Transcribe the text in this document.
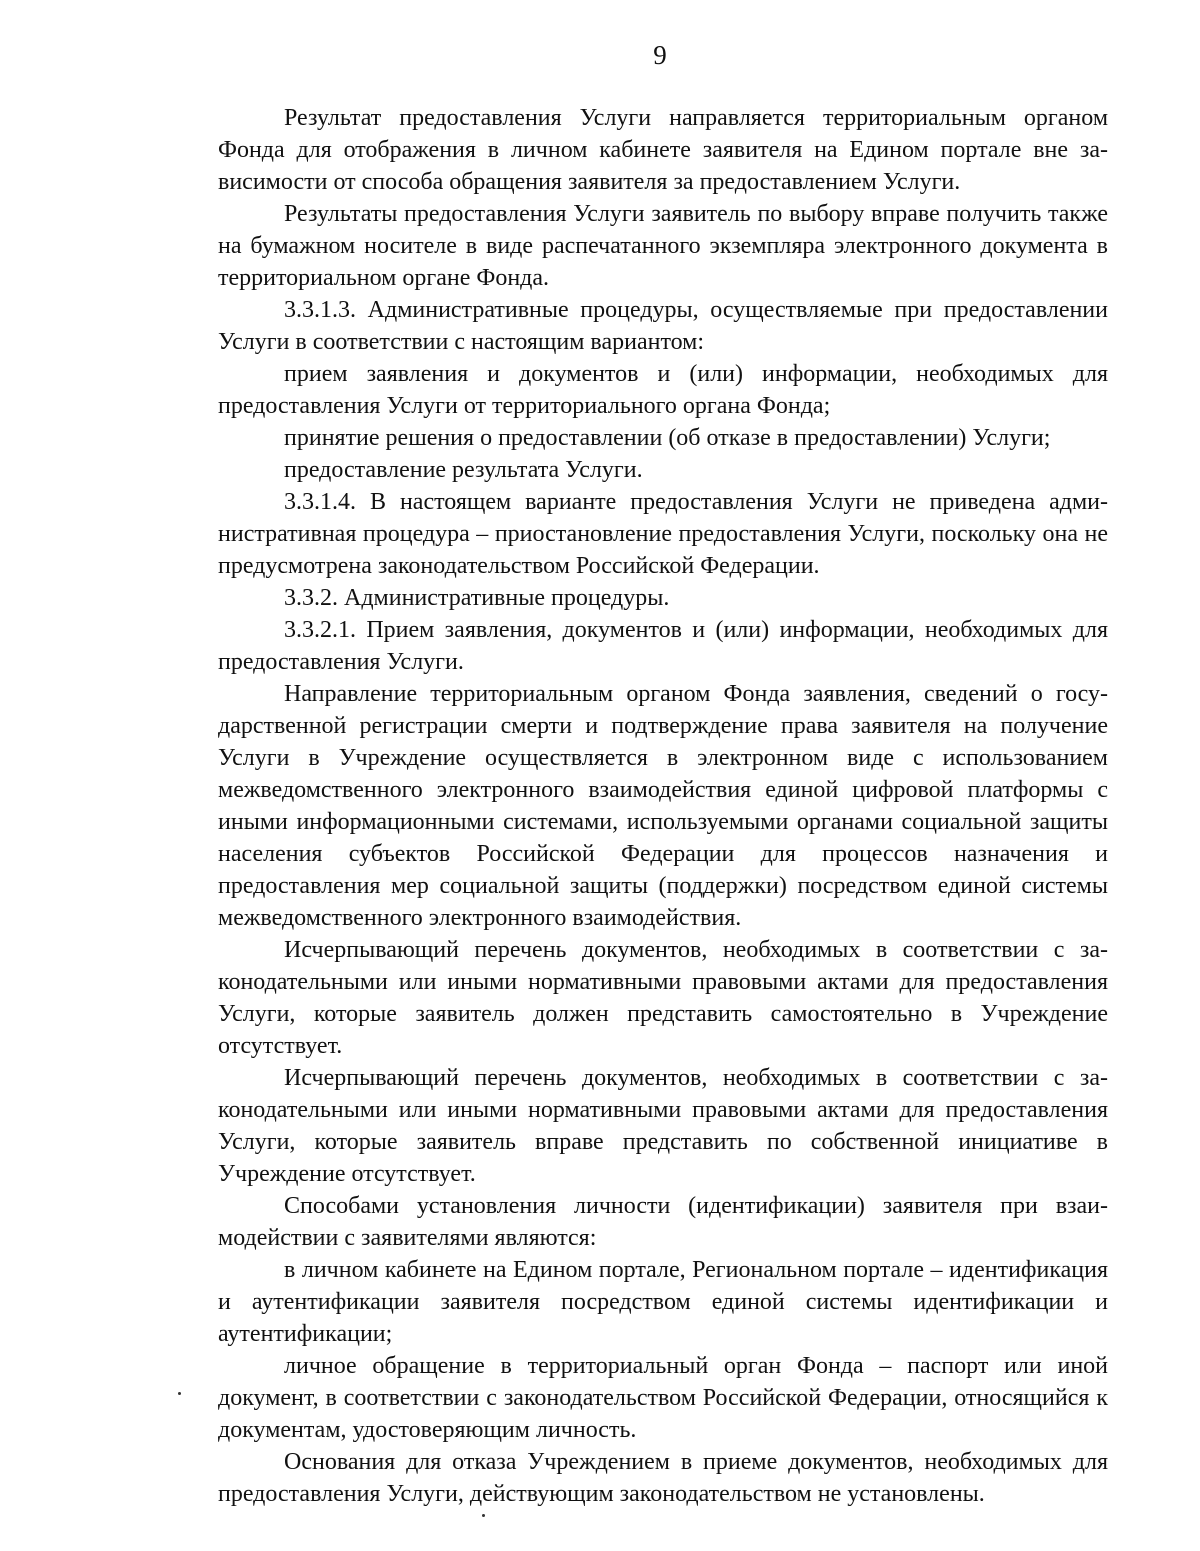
9

Результат предоставления Услуги направляется территориальным органом Фонда для отображения в личном кабинете заявителя на Едином портале вне зависимости от способа обращения заявителя за предоставлением Услуги.

Результаты предоставления Услуги заявитель по выбору вправе получить также на бумажном носителе в виде распечатанного экземпляра электронного документа в территориальном органе Фонда.

3.3.1.3. Административные процедуры, осуществляемые при предоставлении Услуги в соответствии с настоящим вариантом:

прием заявления и документов и (или) информации, необходимых для предоставления Услуги от территориального органа Фонда;

принятие решения о предоставлении (об отказе в предоставлении) Услуги;

предоставление результата Услуги.

3.3.1.4. В настоящем варианте предоставления Услуги не приведена административная процедура – приостановление предоставления Услуги, поскольку она не предусмотрена законодательством Российской Федерации.

3.3.2. Административные процедуры.

3.3.2.1. Прием заявления, документов и (или) информации, необходимых для предоставления Услуги.

Направление территориальным органом Фонда заявления, сведений о государственной регистрации смерти и подтверждение права заявителя на получение Услуги в Учреждение осуществляется в электронном виде с использованием межведомственного электронного взаимодействия единой цифровой платформы с иными информационными системами, используемыми органами социальной защиты населения субъектов Российской Федерации для процессов назначения и предоставления мер социальной защиты (поддержки) посредством единой системы межведомственного электронного взаимодействия.

Исчерпывающий перечень документов, необходимых в соответствии с законодательными или иными нормативными правовыми актами для предоставления Услуги, которые заявитель должен представить самостоятельно в Учреждение отсутствует.

Исчерпывающий перечень документов, необходимых в соответствии с законодательными или иными нормативными правовыми актами для предоставления Услуги, которые заявитель вправе представить по собственной инициативе в Учреждение отсутствует.

Способами установления личности (идентификации) заявителя при взаимодействии с заявителями являются:

в личном кабинете на Едином портале, Региональном портале – идентификация и аутентификации заявителя посредством единой системы идентификации и аутентификации;

личное обращение в территориальный орган Фонда – паспорт или иной документ, в соответствии с законодательством Российской Федерации, относящийся к документам, удостоверяющим личность.

Основания для отказа Учреждением в приеме документов, необходимых для предоставления Услуги, действующим законодательством не установлены.
